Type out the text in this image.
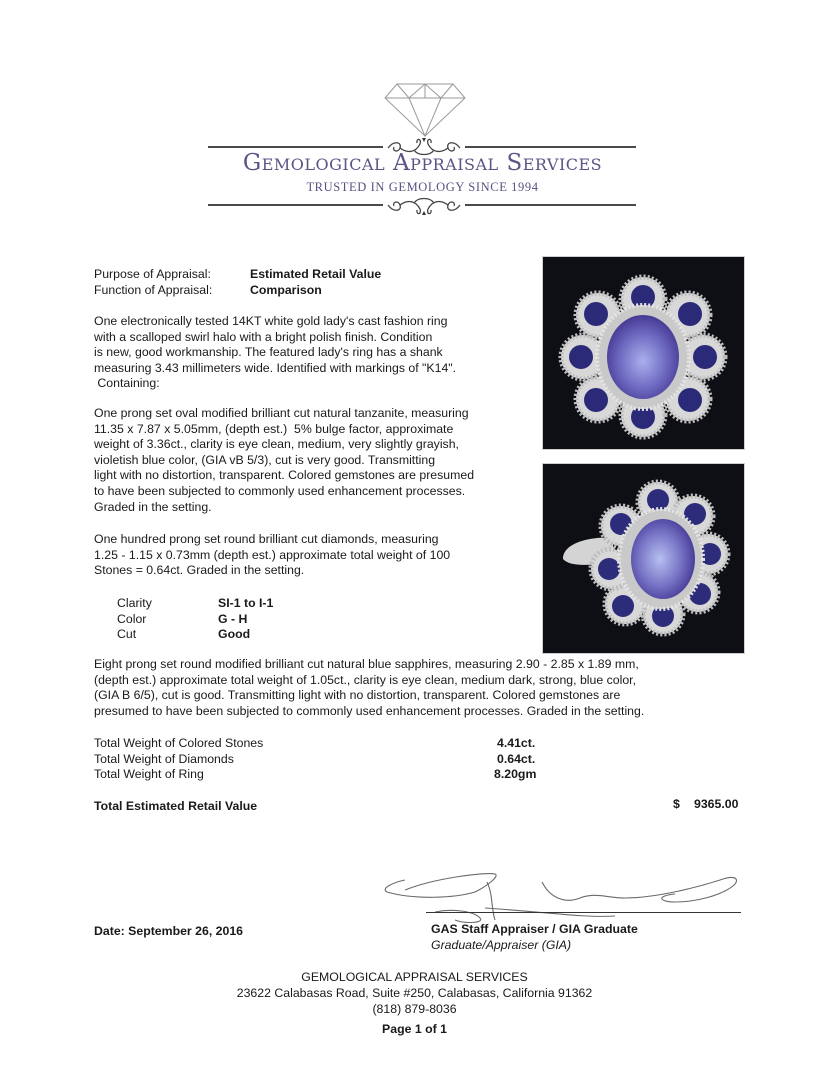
Gemological Appraisal Services
TRUSTED IN GEMOLOGY SINCE 1994
Purpose of Appraisal:	Estimated Retail Value
Function of Appraisal:	Comparison
One electronically tested 14KT white gold lady's cast fashion ring
with a scalloped swirl halo with a bright polish finish. Condition
is new, good workmanship. The featured lady's ring has a shank
measuring 3.43 millimeters wide. Identified with markings of "K14".
Containing:
One prong set oval modified brilliant cut natural tanzanite, measuring
11.35 x 7.87 x 5.05mm, (depth est.)  5% bulge factor, approximate
weight of 3.36ct., clarity is eye clean, medium, very slightly grayish,
violetish blue color, (GIA vB 5/3), cut is very good. Transmitting
light with no distortion, transparent. Colored gemstones are presumed
to have been subjected to commonly used enhancement processes.
Graded in the setting.
One hundred prong set round brilliant cut diamonds, measuring
1.25 - 1.15 x 0.73mm (depth est.) approximate total weight of 100
Stones = 0.64ct. Graded in the setting.
Clarity	SI-1 to I-1
Color	G - H
Cut	Good
Eight prong set round modified brilliant cut natural blue sapphires, measuring 2.90 - 2.85 x 1.89 mm,
(depth est.) approximate total weight of 1.05ct., clarity is eye clean, medium dark, strong, blue color,
(GIA B 6/5), cut is good. Transmitting light with no distortion, transparent. Colored gemstones are
presumed to have been subjected to commonly used enhancement processes. Graded in the setting.
Total Weight of Colored Stones	4.41ct.
Total Weight of Diamonds	0.64ct.
Total Weight of Ring	8.20gm
Total Estimated Retail Value	$ 9365.00
Date: September 26, 2016	GAS Staff Appraiser / GIA Graduate
Graduate/Appraiser (GIA)
GEMOLOGICAL APPRAISAL SERVICES
23622 Calabasas Road, Suite #250, Calabasas, California 91362
(818) 879-8036
Page 1 of 1
